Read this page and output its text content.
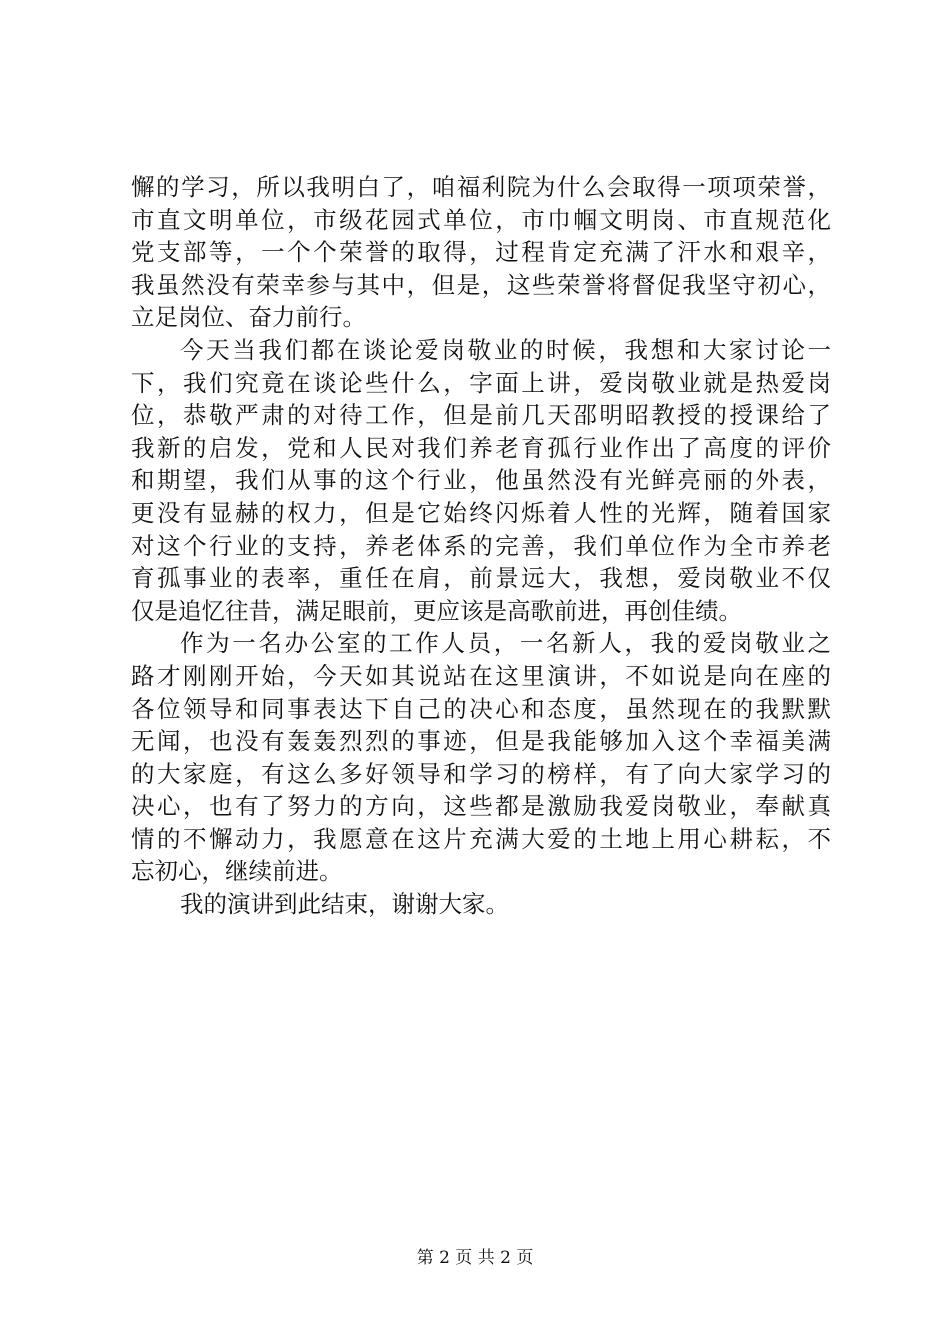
懈的学习，所以我明白了，咱福利院为什么会取得一项项荣誉，
市直文明单位，市级花园式单位，市巾帼文明岗、市直规范化
党支部等，一个个荣誉的取得，过程肯定充满了汗水和艰辛，
我虽然没有荣幸参与其中，但是，这些荣誉将督促我坚守初心，
立足岗位、奋力前行。
今天当我们都在谈论爱岗敬业的时候，我想和大家讨论一
下，我们究竟在谈论些什么，字面上讲，爱岗敬业就是热爱岗
位，恭敬严肃的对待工作，但是前几天邵明昭教授的授课给了
我新的启发，党和人民对我们养老育孤行业作出了高度的评价
和期望，我们从事的这个行业，他虽然没有光鲜亮丽的外表，
更没有显赫的权力，但是它始终闪烁着人性的光辉，随着国家
对这个行业的支持，养老体系的完善，我们单位作为全市养老
育孤事业的表率，重任在肩，前景远大，我想，爱岗敬业不仅
仅是追忆往昔，满足眼前，更应该是高歌前进，再创佳绩。
作为一名办公室的工作人员，一名新人，我的爱岗敬业之
路才刚刚开始，今天如其说站在这里演讲，不如说是向在座的
各位领导和同事表达下自己的决心和态度，虽然现在的我默默
无闻，也没有轰轰烈烈的事迹，但是我能够加入这个幸福美满
的大家庭，有这么多好领导和学习的榜样，有了向大家学习的
决心，也有了努力的方向，这些都是激励我爱岗敬业，奉献真
情的不懈动力，我愿意在这片充满大爱的土地上用心耕耘，不
忘初心，继续前进。
我的演讲到此结束，谢谢大家。
第 2 页 共 2 页
